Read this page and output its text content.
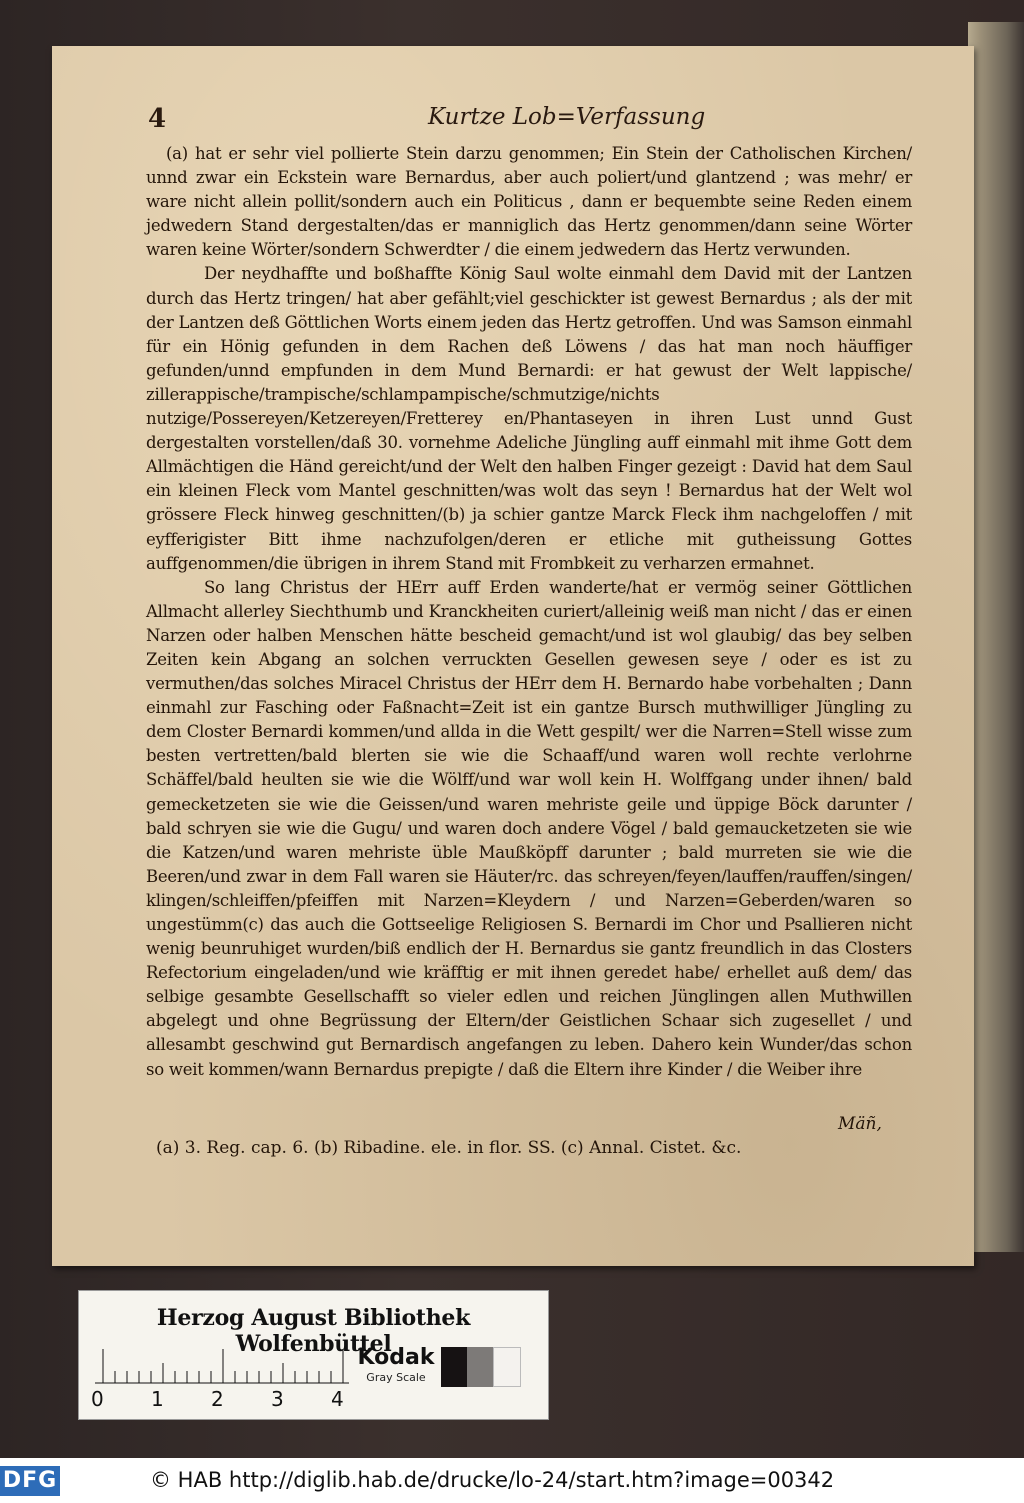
4	Kurtze Lob=Verfassung

(a) hat er sehr viel pollierte Stein darzu genommen; Ein Stein der Catholischen Kirchen/ unnd zwar ein Eckstein ware Bernardus, aber auch poliert/und glantzend ; was mehr/ er ware nicht allein pollit/sondern auch ein Politicus , dann er bequembte seine Reden einem jedwedern Stand dergestalten/das er manniglich das Hertz genommen/dann seine Wörter waren keine Wörter/sondern Schwerdter / die einem jedwedern das Hertz verwunden.

Der neydhaffte und boßhaffte König Saul wolte einmahl dem David mit der Lantzen durch das Hertz tringen/ hat aber gefählt;viel geschickter ist gewest Bernardus ; als der mit der Lantzen deß Göttlichen Worts einem jeden das Hertz getroffen. Und was Samson einmahl für ein Hönig gefunden in dem Rachen deß Löwens / das hat man noch häuffiger gefunden/unnd empfunden in dem Mund Bernardi: er hat gewust der Welt lappische/ zillerappische/trampische/schlampampische/schmutzige/nichts nutzige/Possereyen/Ketzereyen/Fretterey en/Phantaseyen in ihren Lust unnd Gust dergestalten vorstellen/daß 30. vornehme Adeliche Jüngling auff einmahl mit ihme Gott dem Allmächtigen die Händ gereicht/und der Welt den halben Finger gezeigt : David hat dem Saul ein kleinen Fleck vom Mantel geschnitten/was wolt das seyn ! Bernardus hat der Welt wol grössere Fleck hinweg geschnitten/(b) ja schier gantze Marck Fleck ihm nachgeloffen / mit eyfferigister Bitt ihme nachzufolgen/deren er etliche mit gutheissung Gottes auffgenommen/die übrigen in ihrem Stand mit Frombkeit zu verharzen ermahnet.

So lang Christus der HErr auff Erden wanderte/hat er vermög seiner Göttlichen Allmacht allerley Siechthumb und Kranckheiten curiert/alleinig weiß man nicht / das er einen Narzen oder halben Menschen hätte bescheid gemacht/und ist wol glaubig/ das bey selben Zeiten kein Abgang an solchen verruckten Gesellen gewesen seye / oder es ist zu vermuthen/das solches Miracel Christus der HErr dem H. Bernardo habe vorbehalten ; Dann einmahl zur Fasching oder Faßnacht=Zeit ist ein gantze Bursch muthwilliger Jüngling zu dem Closter Bernardi kommen/und allda in die Wett gespilt/ wer die Narren=Stell wisse zum besten vertretten/bald blerten sie wie die Schaaff/und waren woll rechte verlohrne Schäffel/bald heulten sie wie die Wölff/und war woll kein H. Wolffgang under ihnen/ bald gemecketzeten sie wie die Geissen/und waren mehriste geile und üppige Böck darunter / bald schryen sie wie die Gugu/ und waren doch andere Vögel / bald gemaucketzeten sie wie die Katzen/und waren mehriste üble Maußköpff darunter ; bald murreten sie wie die Beeren/und zwar in dem Fall waren sie Häuter/rc. das schreyen/feyen/lauffen/rauffen/singen/ klingen/schleiffen/pfeiffen mit Narzen=Kleydern / und Narzen=Geberden/waren so ungestümm(c) das auch die Gottseelige Religiosen S. Bernardi im Chor und Psallieren nicht wenig beunruhiget wurden/biß endlich der H. Bernardus sie gantz freundlich in das Closters Refectorium eingeladen/und wie kräfftig er mit ihnen geredet habe/ erhellet auß dem/ das selbige gesambte Gesellschafft so vieler edlen und reichen Jünglingen allen Muthwillen abgelegt und ohne Begrüssung der Eltern/der Geistlichen Schaar sich zugesellet / und allesambt geschwind gut Bernardisch angefangen zu leben. Dahero kein Wunder/das schon so weit kommen/wann Bernardus prepigte / daß die Eltern ihre Kinder / die Weiber ihre

Mäñ,
(a) 3. Reg. cap. 6. (b) Ribadine. ele. in flor. SS. (c) Annal. Cistet. &c.
Herzog August Bibliothek Wolfenbüttel
0 1 2 3 4
Kodak
Gray Scale
DFG	© HAB http://diglib.hab.de/drucke/lo-24/start.htm?image=00342
